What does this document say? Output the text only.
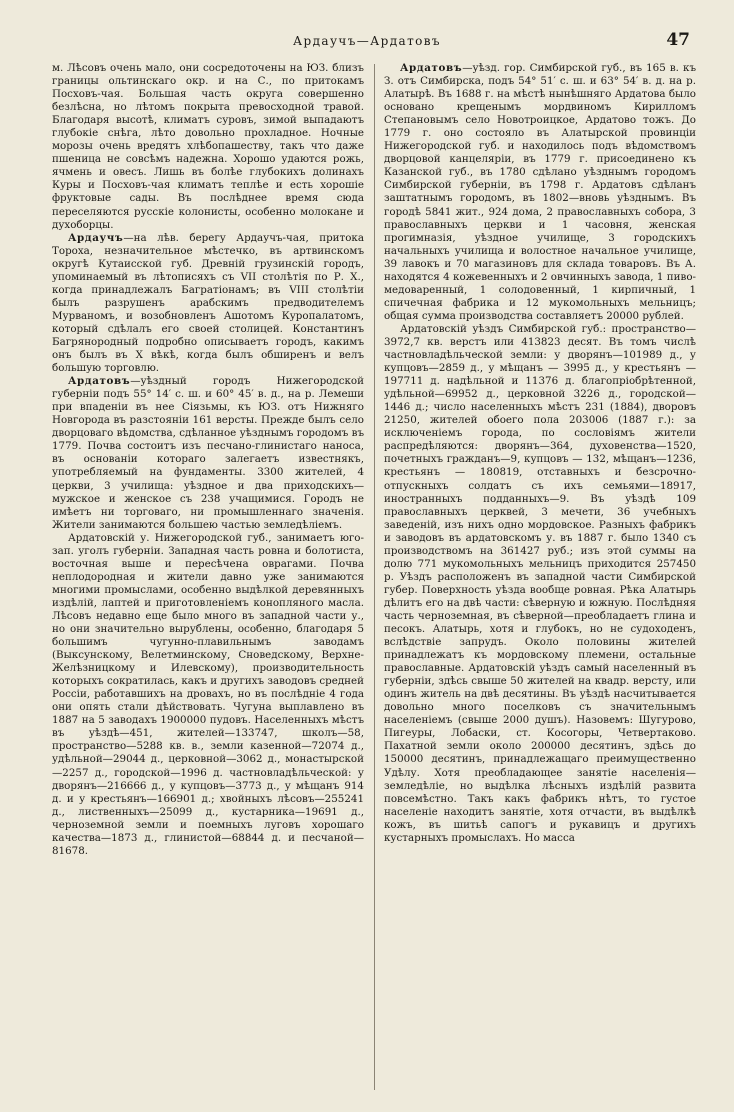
Ардаучъ—Ардатовъ	47

м. Лѣсовъ очень мало, они сосредоточены на ЮЗ. близъ границы ольтинскаго окр. и на С., по притокамъ Посховъ-чая. Большая часть округа совершенно безлѣсна, но лѣтомъ покрыта превосходной травой. Благодаря высотѣ, климатъ суровъ, зимой выпадаютъ глубокіе снѣга, лѣто довольно прохладное. Ночные морозы очень вредятъ хлѣбопашеству, такъ что даже пшеница не совсѣмъ надежна. Хорошо удаются рожь, ячмень и овесъ. Лишь въ болѣе глубокихъ долинахъ Куры и Посховъ-чая климатъ теплѣе и есть хорошіе фруктовые сады. Въ послѣднее время сюда переселяются русскіе колонисты, особенно молокане и духоборцы.

Ардаучъ—на лѣв. берегу Ардаучъ-чая, притока Тороха, незначительное мѣстечко, въ артвинскомъ округѣ Кутаисской губ. Древній грузинскій городъ, упоминаемый въ лѣтописяхъ съ VII столѣтія по Р. Х., когда принадлежалъ Багратіонамъ; въ VIII столѣтіи былъ разрушенъ арабскимъ предводителемъ Мурваномъ, и возобновленъ Ашотомъ Куропалатомъ, который сдѣлалъ его своей столицей. Константинъ Багрянородный подробно описываетъ городъ, какимъ онъ былъ въ X вѣкѣ, когда былъ обширенъ и велъ большую торговлю.

Ардатовъ—уѣздный городъ Нижегородской губерніи подъ 55° 14′ с. ш. и 60° 45′ в. д., на р. Лемеши при впаденіи въ нее Сіязьмы, къ ЮЗ. отъ Нижняго Новгорода въ разстояніи 161 версты. Прежде былъ село дворцоваго вѣдомства, сдѣланное уѣзднымъ городомъ въ 1779. Почва состоитъ изъ песчано-глинистаго наноса, въ основаніи котораго залегаетъ известнякъ, употребляемый на фундаменты. 3300 жителей, 4 церкви, 3 училища: уѣздное и два приходскихъ—мужское и женское съ 238 учащимися. Городъ не имѣетъ ни торговаго, ни промышленнаго значенія. Жители занимаются большею частью земледѣліемъ.

Ардатовскій у. Нижегородской губ., занимаетъ юго-зап. уголъ губерніи. Западная часть ровна и болотиста, восточная выше и пересѣчена оврагами. Почва неплодородная и жители давно уже занимаются многими промыслами, особенно выдѣлкой деревянныхъ издѣлій, лаптей и приготовленіемъ конопляного масла. Лѣсовъ недавно еще было много въ западной части у., но они значительно вырублены, особенно, благодаря 5 большимъ чугунно-плавильнымъ заводамъ (Выксунскому, Велетминскому, Сноведскому, Верхне-Желѣзницкому и Илевскому), производительность которыхъ сократилась, какъ и другихъ заводовъ средней Россіи, работавшихъ на дровахъ, но въ послѣдніе 4 года они опять стали дѣйствовать. Чугуна выплавлено въ 1887 на 5 заводахъ 1900000 пудовъ. Населенныхъ мѣстъ въ уѣздѣ—451, жителей—133747, школъ—58, пространство—5288 кв. в., земли казенной—72074 д., удѣльной—29044 д., церковной—3062 д., монастырской—2257 д., городской—1996 д. частновладѣльческой: у дворянъ—216666 д., у купцовъ—3773 д., у мѣщанъ 914 д. и у крестьянъ—166901 д.; хвойныхъ лѣсовъ—255241 д., лиственныхъ—25099 д., кустарника—19691 д., черноземной земли и поемныхъ луговъ хорошаго качества—1873 д., глинистой—68844 д. и песчаной—81678.

Ардатовъ—уѣзд. гор. Симбирской губ., въ 165 в. къ З. отъ Симбирска, подъ 54° 51′ с. ш. и 63° 54′ в. д. на р. Алатырѣ. Въ 1688 г. на мѣстѣ нынѣшняго Ардатова было основано крещенымъ мордвиномъ Кирилломъ Степановымъ село Новотроицкое, Ардатово тожъ. До 1779 г. оно состояло въ Алатырской провинціи Нижегородской губ. и находилось подъ вѣдомствомъ дворцовой канцеляріи, въ 1779 г. присоединено къ Казанской губ., въ 1780 сдѣлано уѣзднымъ городомъ Симбирской губерніи, въ 1798 г. Ардатовъ сдѣланъ заштатнымъ городомъ, въ 1802—вновь уѣзднымъ. Въ городѣ 5841 жит., 924 дома, 2 православныхъ собора, 3 православныхъ церкви и 1 часовня, женская прогимназія, уѣздное училище, 3 городскихъ начальныхъ училища и волостное начальное училище, 39 лавокъ и 70 магазиновъ для склада товаровъ. Въ А. находятся 4 кожевенныхъ и 2 овчинныхъ завода, 1 пиво-медоваренный, 1 солодовенный, 1 кирпичный, 1 спичечная фабрика и 12 мукомольныхъ мельницъ; общая сумма производства составляетъ 20000 рублей.

Ардатовскій уѣздъ Симбирской губ.: пространство—3972,7 кв. верстъ или 413823 десят. Въ томъ числѣ частновладѣльческой земли: у дворянъ—101989 д., у купцовъ—2859 д., у мѣщанъ — 3995 д., у крестьянъ — 197711 д. надѣльной и 11376 д. благопріобрѣтенной, удѣльной—69952 д., церковной 3226 д., городской—1446 д.; число населенныхъ мѣстъ 231 (1884), дворовъ 21250, жителей обоего пола 203006 (1887 г.): за исключеніемъ города, по сословіямъ жители распредѣляются: дворянъ—364, духовенства—1520, почетныхъ гражданъ—9, купцовъ — 132, мѣщанъ—1236, крестьянъ — 180819, отставныхъ и безсрочно-отпускныхъ солдатъ съ ихъ семьями—18917, иностранныхъ подданныхъ—9. Въ уѣздѣ 109 православныхъ церквей, 3 мечети, 36 учебныхъ заведеній, изъ нихъ одно мордовское. Разныхъ фабрикъ и заводовъ въ ардатовскомъ у. въ 1887 г. было 1340 съ производствомъ на 361427 руб.; изъ этой суммы на долю 771 мукомольныхъ мельницъ приходится 257450 р. Уѣздъ расположенъ въ западной части Симбирской губер. Поверхность уѣзда вообще ровная. Рѣка Алатырь дѣлитъ его на двѣ части: сѣверную и южную. Послѣдняя часть черноземная, въ сѣверной—преобладаетъ глина и песокъ. Алатырь, хотя и глубокъ, но не судоходенъ, вслѣдствіе запрудъ. Около половины жителей принадлежатъ къ мордовскому племени, остальные православные. Ардатовскій уѣздъ самый населенный въ губерніи, здѣсь свыше 50 жителей на квадр. версту, или одинъ житель на двѣ десятины. Въ уѣздѣ насчитывается довольно много поселковъ съ значительнымъ населеніемъ (свыше 2000 душъ). Назовемъ: Шугурово, Пигеуры, Лобаски, ст. Косогоры, Четвертаково. Пахатной земли около 200000 десятинъ, здѣсь до 150000 десятинъ, принадлежащаго преимущественно Удѣлу. Хотя преобладающее занятіе населенія—земледѣліе, но выдѣлка лѣсныхъ издѣлій развита повсемѣстно. Такъ какъ фабрикъ нѣтъ, то густое населеніе находитъ занятіе, хотя отчасти, въ выдѣлкѣ кожъ, въ шитьѣ сапогъ и рукавицъ и другихъ кустарныхъ промыслахъ. Но масса
